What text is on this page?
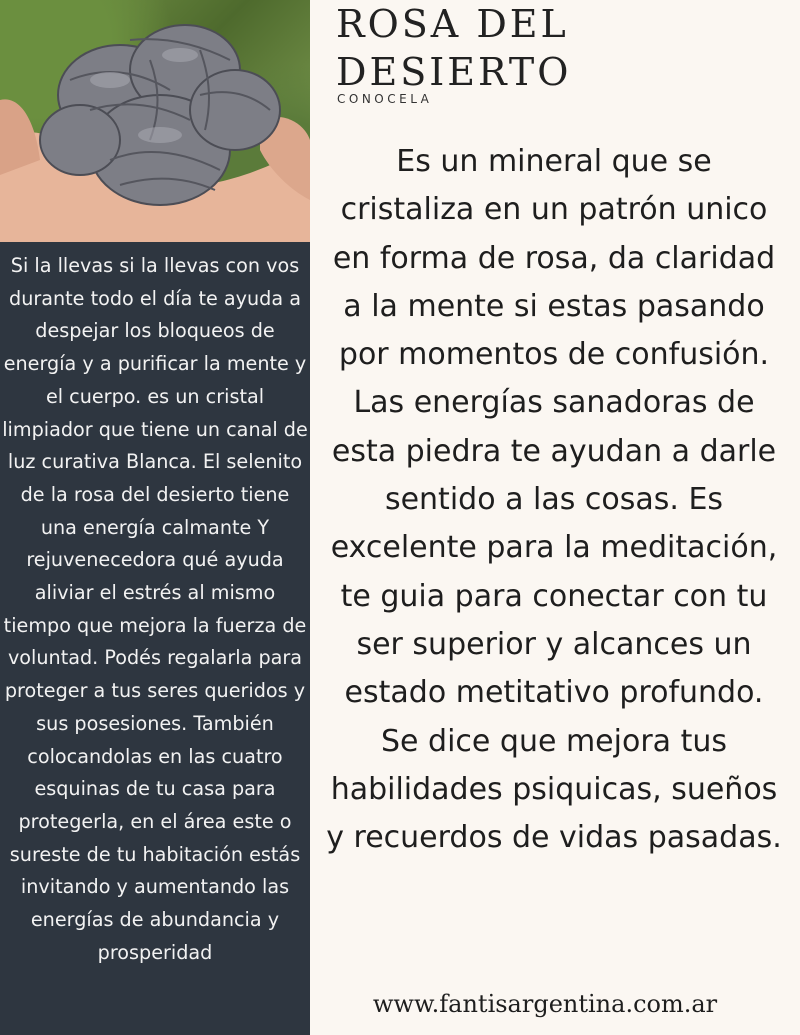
Si la llevas si la llevas con vos durante todo el día te ayuda a despejar los bloqueos de energía y a purificar la mente y el cuerpo. es un cristal limpiador que tiene un canal de luz curativa Blanca. El selenito de la rosa del desierto tiene una energía calmante Y rejuvenecedora qué ayuda aliviar el estrés al mismo tiempo que mejora la fuerza de voluntad. Podés regalarla para proteger a tus seres queridos y sus posesiones. También colocandolas en las cuatro esquinas de tu casa para protegerla, en el área este o sureste de tu habitación estás invitando y aumentando las energías de abundancia y prosperidad

ROSA DEL
DESIERTO
CONOCELA

Es un mineral que se cristaliza en un patrón unico en forma de rosa, da claridad a la mente si estas pasando por momentos de confusión. Las energías sanadoras de esta piedra te ayudan a darle sentido a las cosas. Es excelente para la meditación, te guia para conectar con tu ser superior y alcances un estado metitativo profundo. Se dice que mejora tus habilidades psiquicas, sueños y recuerdos de vidas pasadas.

www.fantisargentina.com.ar
